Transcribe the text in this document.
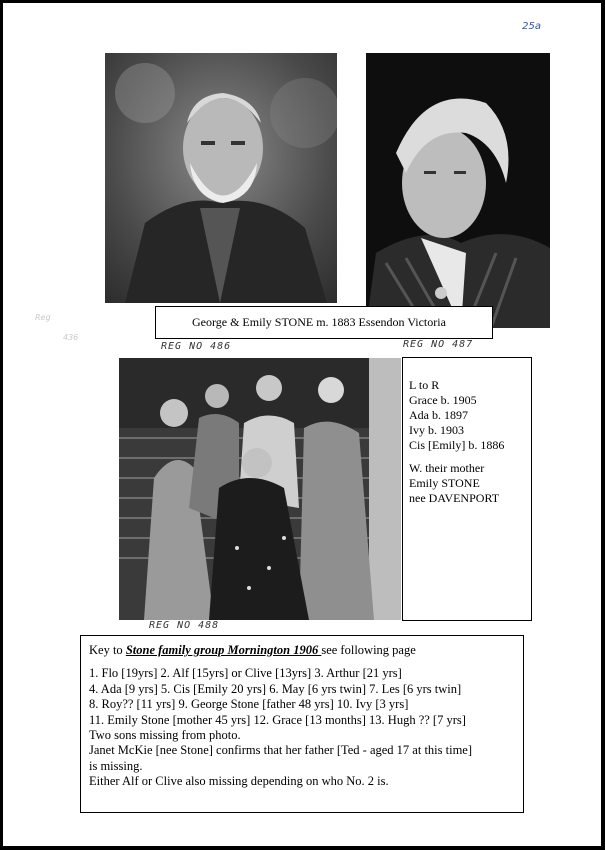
25a
George & Emily STONE m. 1883 Essendon Victoria
Reg
436
REG NO 486	REG NO 487
L to R
Grace b. 1905
Ada b. 1897
Ivy b. 1903
Cis [Emily] b. 1886
W. their mother
Emily STONE
nee DAVENPORT
REG NO 488
Key to Stone family group Mornington 1906 see following page
1. Flo [19yrs] 2. Alf [15yrs] or Clive [13yrs] 3. Arthur [21 yrs]
4. Ada [9 yrs] 5. Cis [Emily 20 yrs] 6. May [6 yrs twin] 7. Les [6 yrs twin]
8. Roy?? [11 yrs] 9. George Stone [father 48 yrs] 10. Ivy [3 yrs]
11. Emily Stone [mother 45 yrs] 12. Grace [13 months] 13. Hugh ?? [7 yrs]
Two sons missing from photo.
Janet McKie [nee Stone] confirms that her father [Ted - aged 17 at this time]
is missing.
Either Alf or Clive also missing depending on who No. 2 is.
